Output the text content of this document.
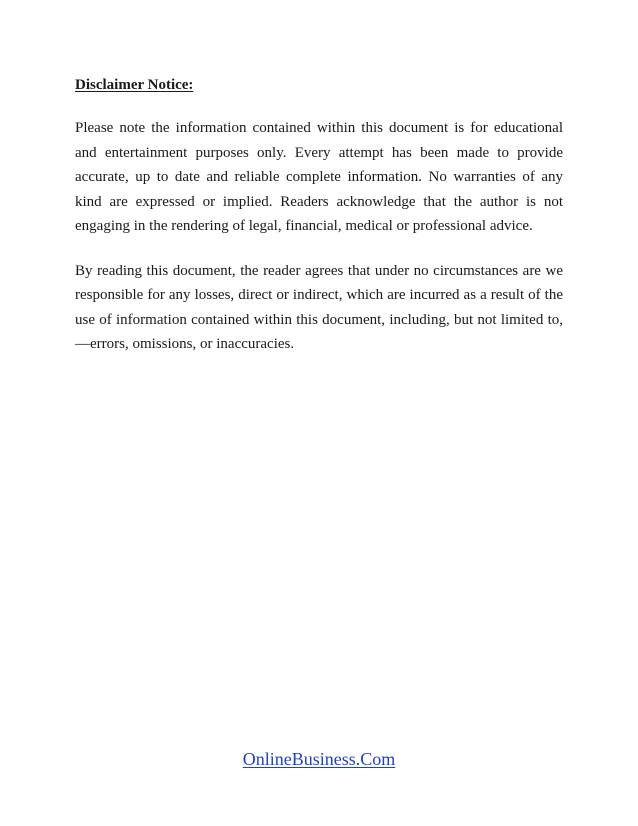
Disclaimer Notice:

Please note the information contained within this document is for educational and entertainment purposes only. Every attempt has been made to provide accurate, up to date and reliable complete information. No warranties of any kind are expressed or implied. Readers acknowledge that the author is not engaging in the rendering of legal, financial, medical or professional advice.

By reading this document, the reader agrees that under no circumstances are we responsible for any losses, direct or indirect, which are incurred as a result of the use of information contained within this document, including, but not limited to, —errors, omissions, or inaccuracies.

OnlineBusiness.Com
